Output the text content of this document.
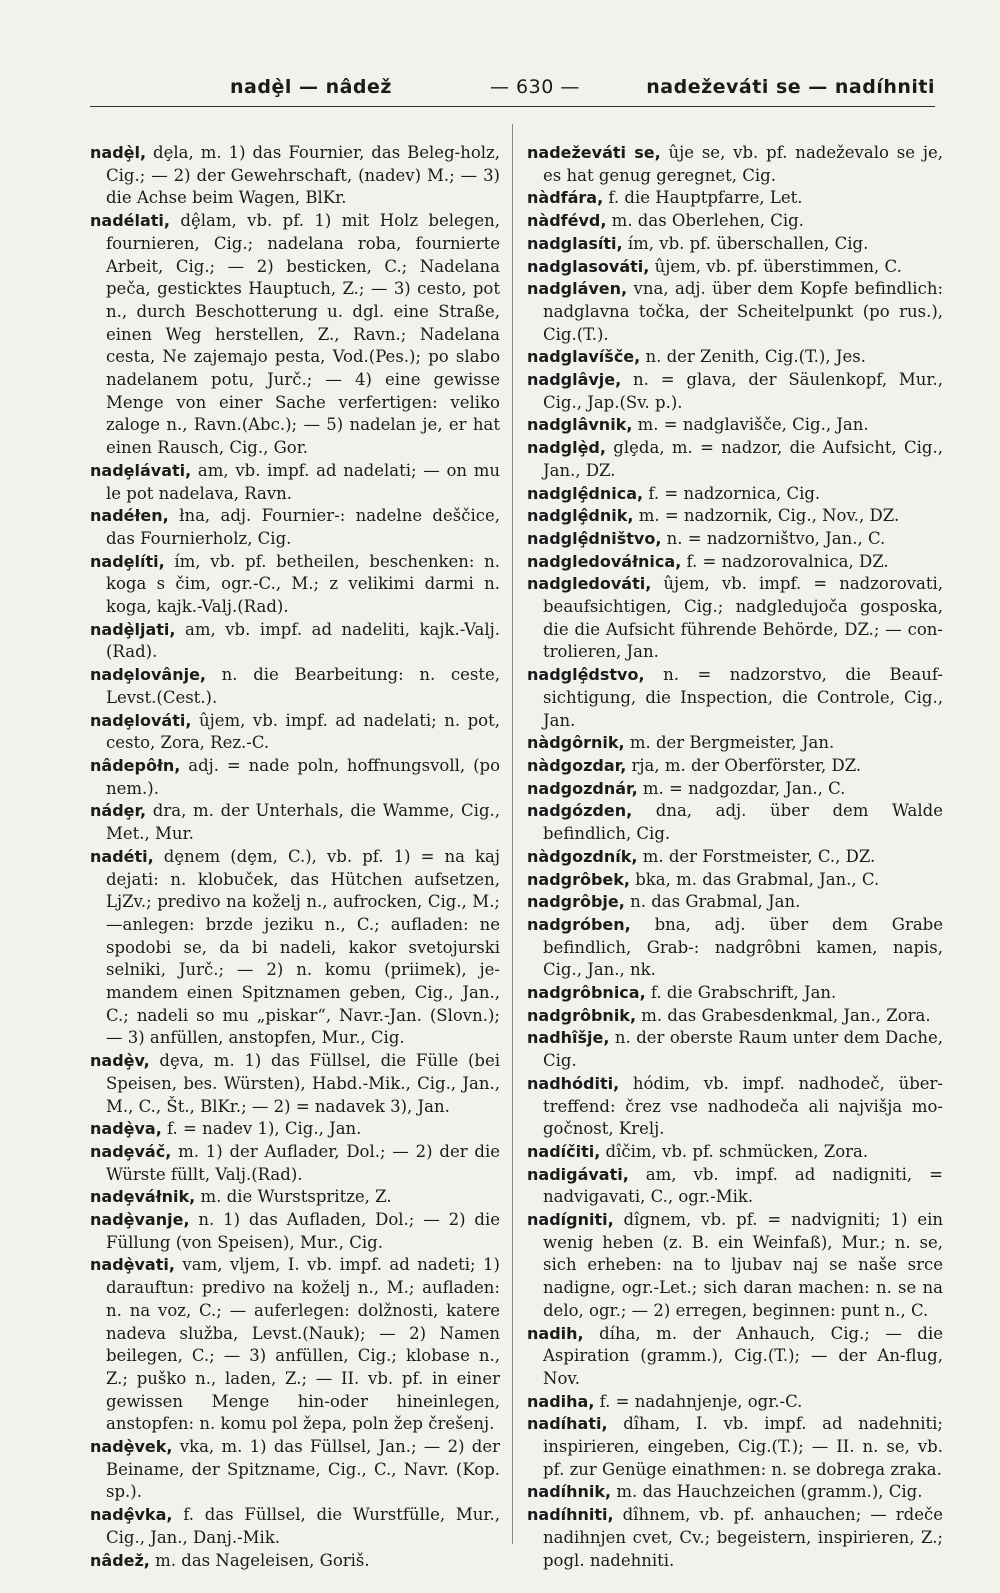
nadȩ̀l — nâdež	— 630 —	nadeževáti se — nadíhniti

nadȩ̀l, dȩla, m. 1) das Fournier, das Beleg-holz, Cig.; — 2) der Gewehrschaft, (nadev) M.; — 3) die Achse beim Wagen, BlKr.

nadélati, dȩ̂lam, vb. pf. 1) mit Holz belegen, fournieren, Cig.; nadelana roba, fournierte Arbeit, Cig.; — 2) besticken, C.; Nadelana peča, gesticktes Hauptuch, Z.; — 3) cesto, pot n., durch Beschotterung u. dgl. eine Straße, einen Weg herstellen, Z., Ravn.; Nadelana cesta, Ne zajemajo pesta, Vod.(Pes.); po slabo nadelanem potu, Jurč.; — 4) eine gewisse Menge von einer Sache verfertigen: veliko zaloge n., Ravn.(Abc.); — 5) nadelan je, er hat einen Rausch, Cig., Gor.

nadȩlávati, am, vb. impf. ad nadelati; — on mu le pot nadelava, Ravn.

nadéłen, łna, adj. Fournier-: nadelne deščice, das Fournierholz, Cig.

nadȩlíti, ím, vb. pf. betheilen, beschenken: n. koga s čim, ogr.-C., M.; z velikimi darmi n. koga, kajk.-Valj.(Rad).

nadȩ̀ljati, am, vb. impf. ad nadeliti, kajk.-Valj.(Rad).

nadȩlovânje, n. die Bearbeitung: n. ceste, Levst.(Cest.).

nadȩlováti, ûjem, vb. impf. ad nadelati; n. pot, cesto, Zora, Rez.-C.

nâdepôłn, adj. = nade poln, hoffnungsvoll, (po nem.).

nádȩr, dra, m. der Unterhals, die Wamme, Cig., Met., Mur.

nadéti, dȩnem (dȩm, C.), vb. pf. 1) = na kaj dejati: n. klobuček, das Hütchen aufsetzen, LjZv.; predivo na koželj n., aufrocken, Cig., M.; —anlegen: brzde jeziku n., C.; aufladen: ne spodobi se, da bi nadeli, kakor svetojurski selniki, Jurč.; — 2) n. komu (priimek), je-mandem einen Spitznamen geben, Cig., Jan., C.; nadeli so mu „piskar“, Navr.-Jan. (Slovn.); — 3) anfüllen, anstopfen, Mur., Cig.

nadȩ̀v, dȩva, m. 1) das Füllsel, die Fülle (bei Speisen, bes. Würsten), Habd.-Mik., Cig., Jan., M., C., Št., BlKr.; — 2) = nadavek 3), Jan.

nadȩ̀va, f. = nadev 1), Cig., Jan.

nadȩváč, m. 1) der Auflader, Dol.; — 2) der die Würste füllt, Valj.(Rad).

nadȩváłnik, m. die Wurstspritze, Z.

nadȩ̀vanje, n. 1) das Aufladen, Dol.; — 2) die Füllung (von Speisen), Mur., Cig.

nadȩ̀vati, vam, vljem, I. vb. impf. ad nadeti; 1) darauftun: predivo na koželj n., M.; aufladen: n. na voz, C.; — auferlegen: dolžnosti, katere nadeva služba, Levst.(Nauk); — 2) Namen beilegen, C.; — 3) anfüllen, Cig.; klobase n., Z.; puško n., laden, Z.; — II. vb. pf. in einer gewissen Menge hin-oder hineinlegen, anstopfen: n. komu pol žepa, poln žep črešenj.

nadȩ̀vek, vka, m. 1) das Füllsel, Jan.; — 2) der Beiname, der Spitzname, Cig., C., Navr. (Kop. sp.).

nadȩ̂vka, f. das Füllsel, die Wurstfülle, Mur., Cig., Jan., Danj.-Mik.

nâdež, m. das Nageleisen, Goriš.

nadeževáti se, ûje se, vb. pf. nadeževalo se je, es hat genug geregnet, Cig.

nàdfára, f. die Hauptpfarre, Let.

nàdfévd, m. das Oberlehen, Cig.

nadglasíti, ím, vb. pf. überschallen, Cig.

nadglasováti, ûjem, vb. pf. überstimmen, C.

nadgláven, vna, adj. über dem Kopfe befindlich: nadglavna točka, der Scheitelpunkt (po rus.), Cig.(T.).

nadglavíšče, n. der Zenith, Cig.(T.), Jes.

nadglâvje, n. = glava, der Säulenkopf, Mur., Cig., Jap.(Sv. p.).

nadglâvnik, m. = nadglavišče, Cig., Jan.

nadglȩ̀d, glȩda, m. = nadzor, die Aufsicht, Cig., Jan., DZ.

nadglȩ̂dnica, f. = nadzornica, Cig.

nadglȩ̂dnik, m. = nadzornik, Cig., Nov., DZ.

nadglȩ̂dništvo, n. = nadzorništvo, Jan., C.

nadgledováłnica, f. = nadzorovalnica, DZ.

nadgledováti, ûjem, vb. impf. = nadzorovati, beaufsichtigen, Cig.; nadgledujoča gosposka, die die Aufsicht führende Behörde, DZ.; — con-trolieren, Jan.

nadglȩ̂dstvo, n. = nadzorstvo, die Beauf-sichtigung, die Inspection, die Controle, Cig., Jan.

nàdgôrnik, m. der Bergmeister, Jan.

nàdgozdar, rja, m. der Oberförster, DZ.

nadgozdnár, m. = nadgozdar, Jan., C.

nadgózden, dna, adj. über dem Walde befindlich, Cig.

nàdgozdník, m. der Forstmeister, C., DZ.

nadgrôbek, bka, m. das Grabmal, Jan., C.

nadgrôbje, n. das Grabmal, Jan.

nadgróben, bna, adj. über dem Grabe befindlich, Grab-: nadgrôbni kamen, napis, Cig., Jan., nk.

nadgrôbnica, f. die Grabschrift, Jan.

nadgrôbnik, m. das Grabesdenkmal, Jan., Zora.

nadhîšje, n. der oberste Raum unter dem Dache, Cig.

nadhóditi, hódim, vb. impf. nadhodeč, über-treffend: črez vse nadhodeča ali najvišja mo-gočnost, Krelj.

nadíčiti, dîčim, vb. pf. schmücken, Zora.

nadigávati, am, vb. impf. ad nadigniti, = nadvigavati, C., ogr.-Mik.

nadígniti, dîgnem, vb. pf. = nadvigniti; 1) ein wenig heben (z. B. ein Weinfaß), Mur.; n. se, sich erheben: na to ljubav naj se naše srce nadigne, ogr.-Let.; sich daran machen: n. se na delo, ogr.; — 2) erregen, beginnen: punt n., C.

nadih, díha, m. der Anhauch, Cig.; — die Aspiration (gramm.), Cig.(T.); — der An-flug, Nov.

nadiha, f. = nadahnjenje, ogr.-C.

nadíhati, dîham, I. vb. impf. ad nadehniti; inspirieren, eingeben, Cig.(T.); — II. n. se, vb. pf. zur Genüge einathmen: n. se dobrega zraka.

nadíhnik, m. das Hauchzeichen (gramm.), Cig.

nadíhniti, dîhnem, vb. pf. anhauchen; — rdeče nadihnjen cvet, Cv.; begeistern, inspirieren, Z.; pogl. nadehniti.
